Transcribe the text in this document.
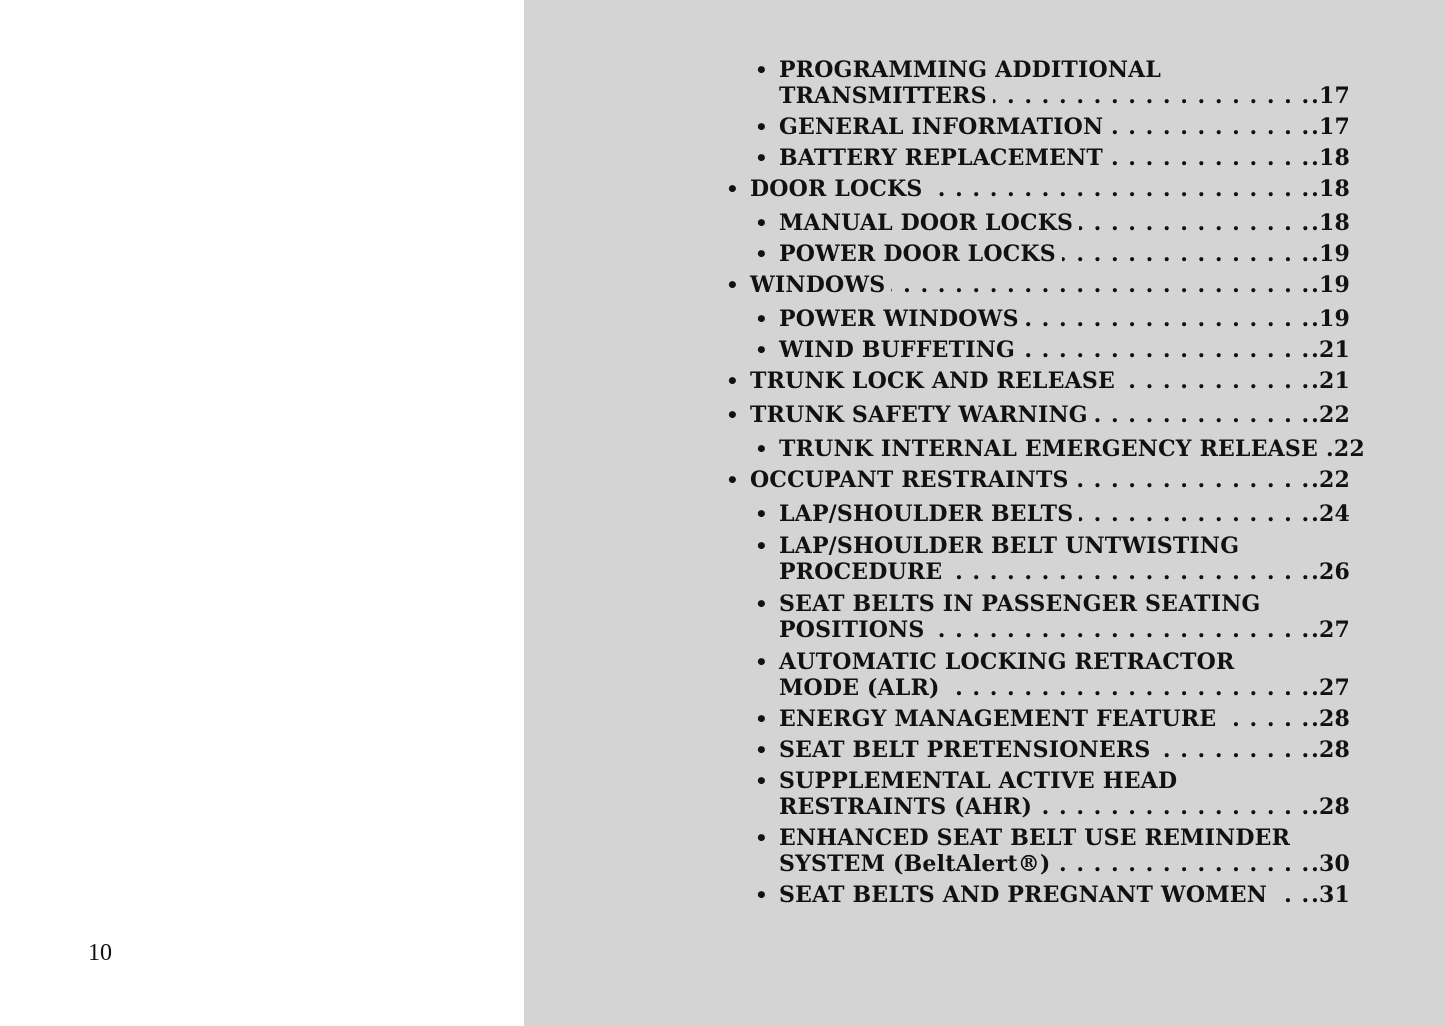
10
• PROGRAMMING ADDITIONAL
TRANSMITTERS . . .	.17
• GENERAL INFORMATION . . .	.17
• BATTERY REPLACEMENT . . .	.18
• DOOR LOCKS . . .	.18
• MANUAL DOOR LOCKS . . .	.18
• POWER DOOR LOCKS . . .	.19
• WINDOWS . . .	.19
• POWER WINDOWS . . .	.19
• WIND BUFFETING . . .	.21
• TRUNK LOCK AND RELEASE . . .	.21
• TRUNK SAFETY WARNING . . .	.22
• TRUNK INTERNAL EMERGENCY RELEASE .22
• OCCUPANT RESTRAINTS . . .	.22
• LAP/SHOULDER BELTS . . .	.24
• LAP/SHOULDER BELT UNTWISTING
PROCEDURE . . .	.26
• SEAT BELTS IN PASSENGER SEATING
POSITIONS . . .	.27
• AUTOMATIC LOCKING RETRACTOR
MODE (ALR) . . .	.27
• ENERGY MANAGEMENT FEATURE . . .	.28
• SEAT BELT PRETENSIONERS . . .	.28
• SUPPLEMENTAL ACTIVE HEAD
RESTRAINTS (AHR) . . .	.28
• ENHANCED SEAT BELT USE REMINDER
SYSTEM (BeltAlert®) . . .	.30
• SEAT BELTS AND PREGNANT WOMEN . . . .31
